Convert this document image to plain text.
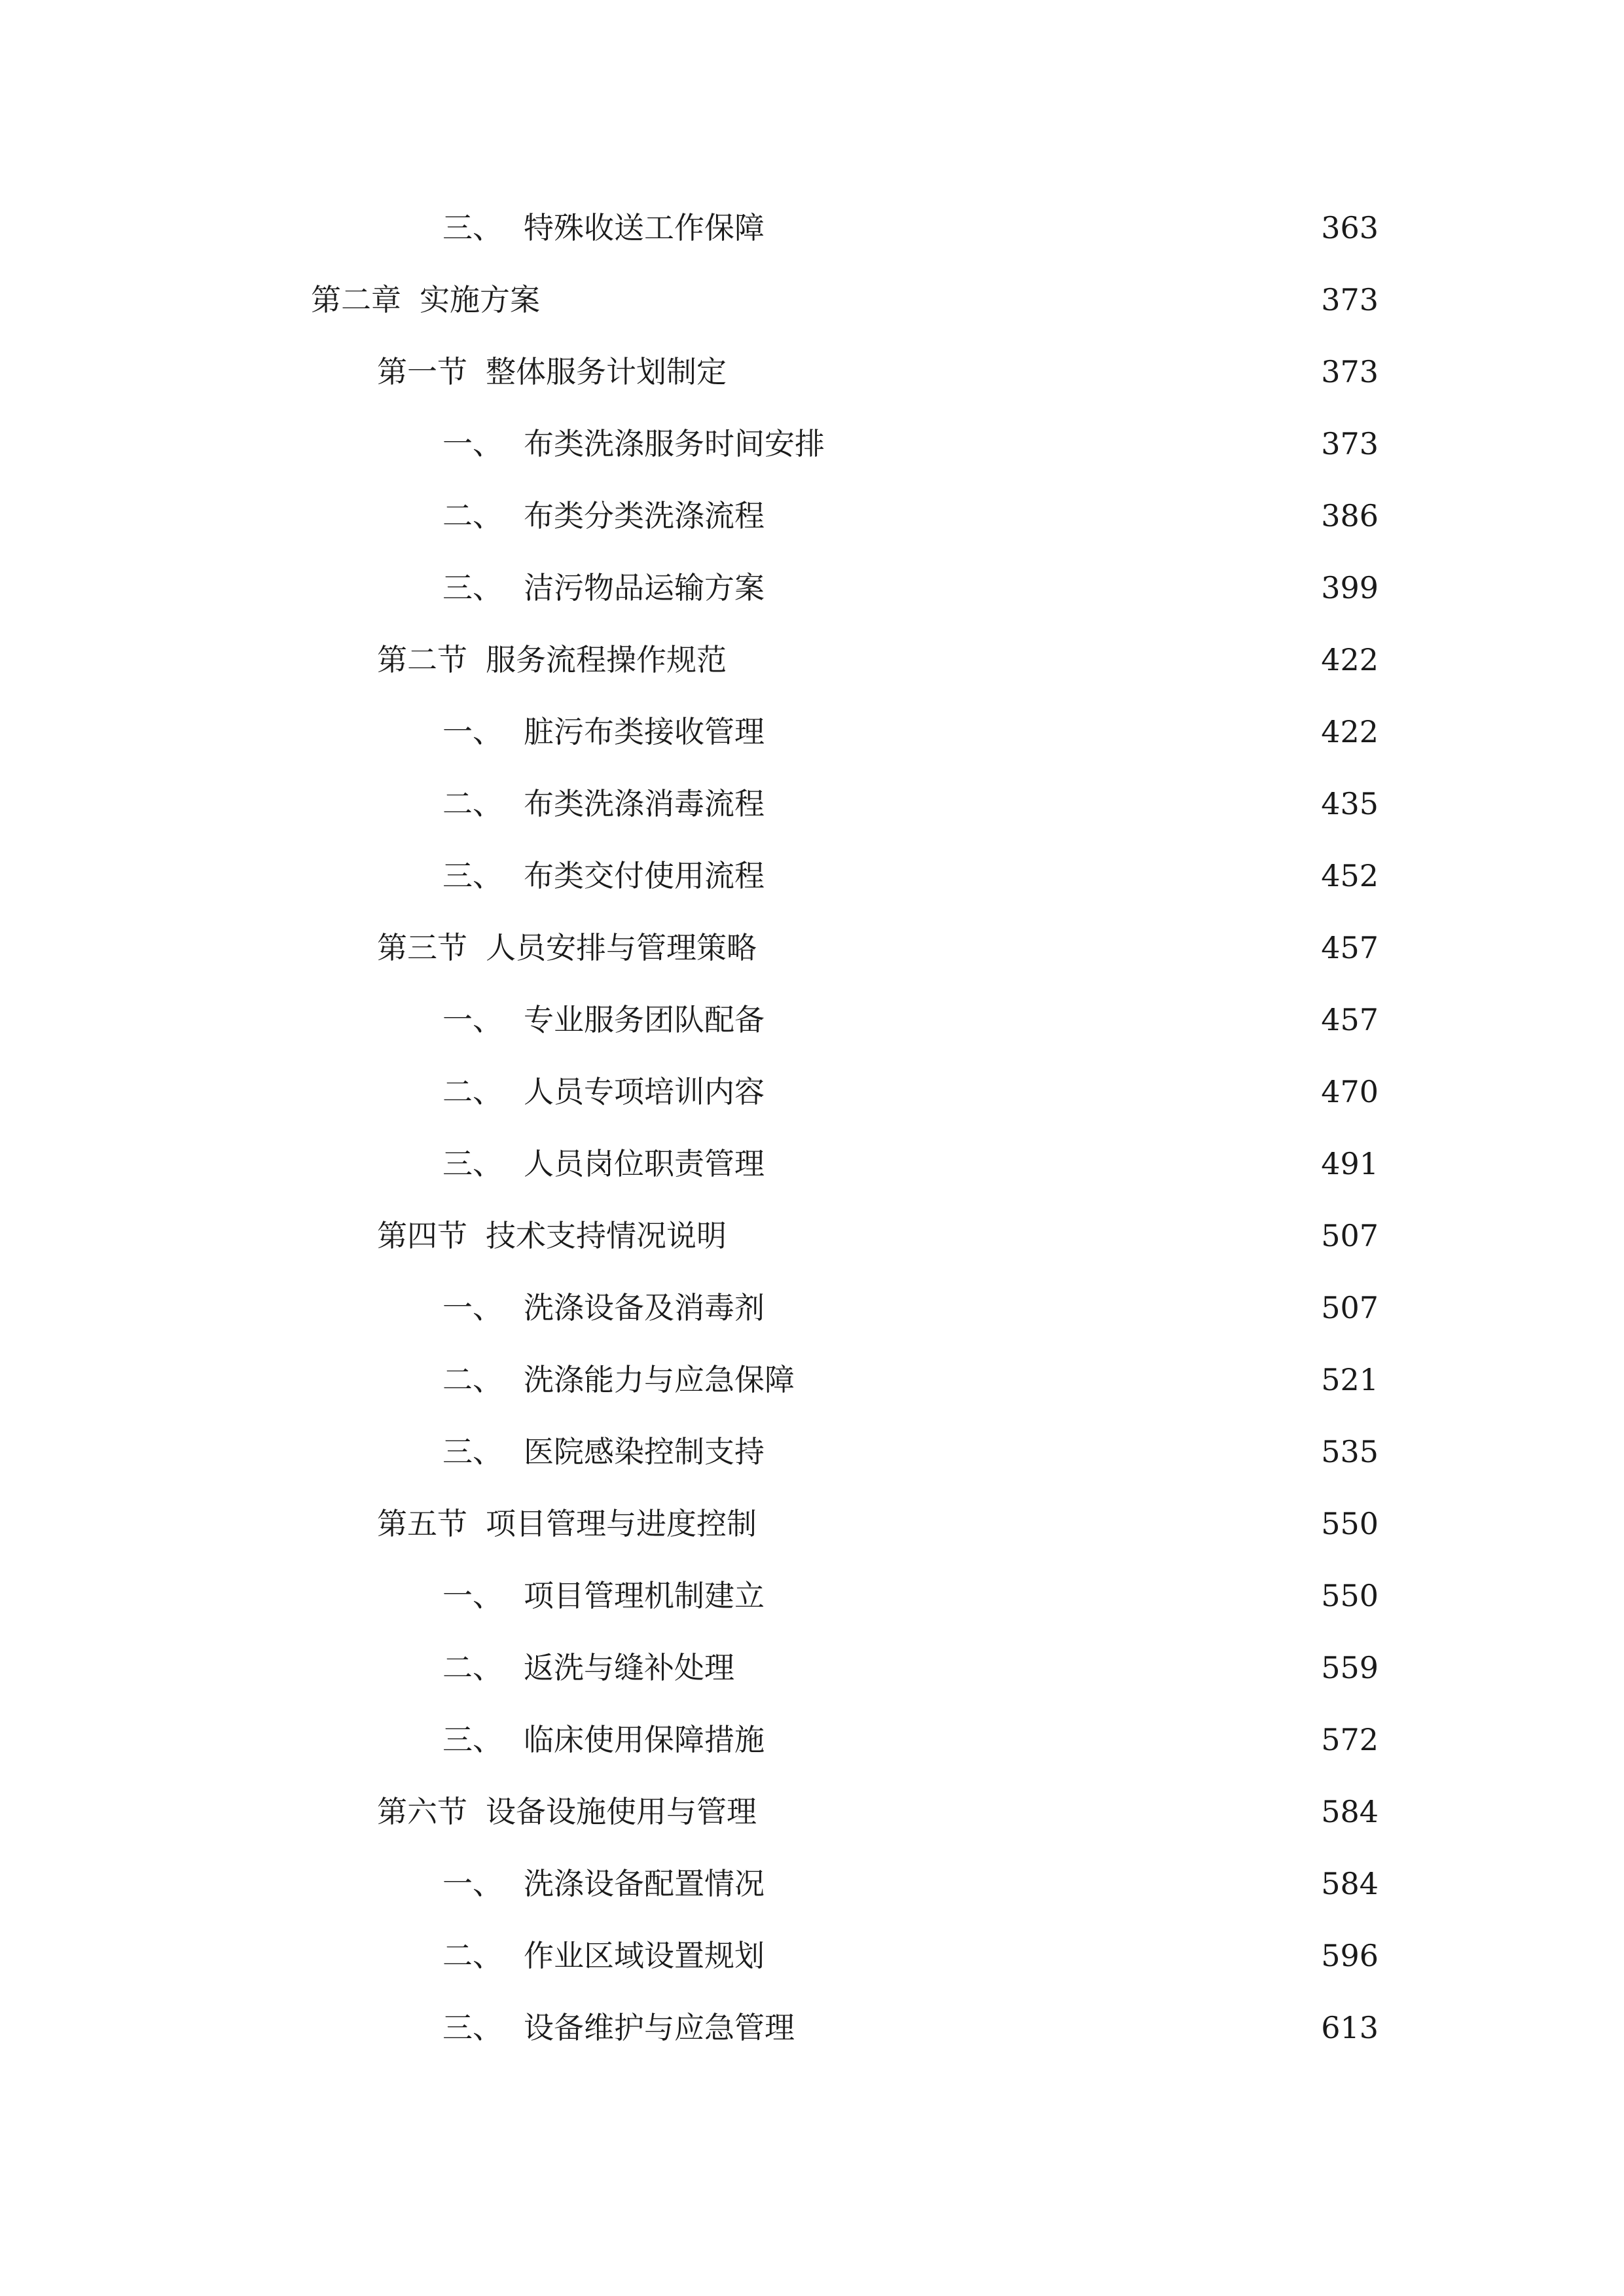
三、 特殊收送工作保障	363
第二章 实施方案	373
第一节 整体服务计划制定	373
一、 布类洗涤服务时间安排	373
二、 布类分类洗涤流程	386
三、 洁污物品运输方案	399
第二节 服务流程操作规范	422
一、 脏污布类接收管理	422
二、 布类洗涤消毒流程	435
三、 布类交付使用流程	452
第三节 人员安排与管理策略	457
一、 专业服务团队配备	457
二、 人员专项培训内容	470
三、 人员岗位职责管理	491
第四节 技术支持情况说明	507
一、 洗涤设备及消毒剂	507
二、 洗涤能力与应急保障	521
三、 医院感染控制支持	535
第五节 项目管理与进度控制	550
一、 项目管理机制建立	550
二、 返洗与缝补处理	559
三、 临床使用保障措施	572
第六节 设备设施使用与管理	584
一、 洗涤设备配置情况	584
二、 作业区域设置规划	596
三、 设备维护与应急管理	613
